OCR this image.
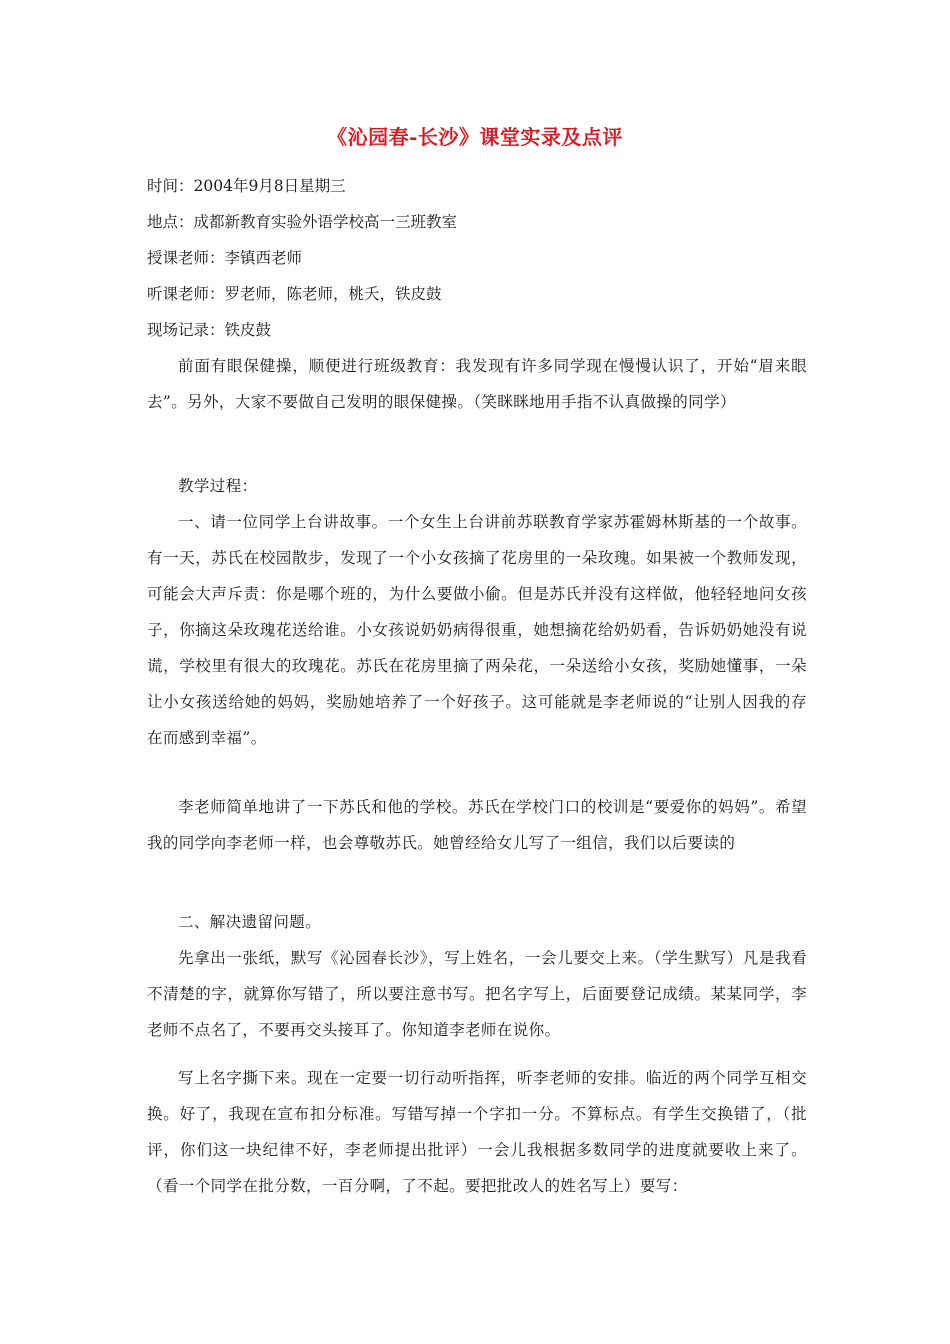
《沁园春-长沙》课堂实录及点评
时间：2004年9月8日星期三
地点：成都新教育实验外语学校高一三班教室
授课老师：李镇西老师
听课老师：罗老师，陈老师，桃夭，铁皮鼓
现场记录：铁皮鼓
前面有眼保健操，顺便进行班级教育：我发现有许多同学现在慢慢认识了，开始“眉来眼去”。另外，大家不要做自己发明的眼保健操。（笑眯眯地用手指不认真做操的同学）
教学过程：
一、请一位同学上台讲故事。一个女生上台讲前苏联教育学家苏霍姆林斯基的一个故事。有一天，苏氏在校园散步，发现了一个小女孩摘了花房里的一朵玫瑰。如果被一个教师发现，可能会大声斥责：你是哪个班的，为什么要做小偷。但是苏氏并没有这样做，他轻轻地问女孩子，你摘这朵玫瑰花送给谁。小女孩说奶奶病得很重，她想摘花给奶奶看，告诉奶奶她没有说谎，学校里有很大的玫瑰花。苏氏在花房里摘了两朵花，一朵送给小女孩，奖励她懂事，一朵让小女孩送给她的妈妈，奖励她培养了一个好孩子。这可能就是李老师说的“让别人因我的存在而感到幸福”。
李老师简单地讲了一下苏氏和他的学校。苏氏在学校门口的校训是“要爱你的妈妈”。希望我的同学向李老师一样，也会尊敬苏氏。她曾经给女儿写了一组信，我们以后要读的
二、解决遗留问题。
先拿出一张纸，默写《沁园春长沙》，写上姓名，一会儿要交上来。（学生默写）凡是我看不清楚的字，就算你写错了，所以要注意书写。把名字写上，后面要登记成绩。某某同学，李老师不点名了，不要再交头接耳了。你知道李老师在说你。
写上名字撕下来。现在一定要一切行动听指挥，听李老师的安排。临近的两个同学互相交换。好了，我现在宣布扣分标准。写错写掉一个字扣一分。不算标点。有学生交换错了，（批评，你们这一块纪律不好，李老师提出批评）一会儿我根据多数同学的进度就要收上来了。（看一个同学在批分数，一百分啊，了不起。要把批改人的姓名写上）要写：
